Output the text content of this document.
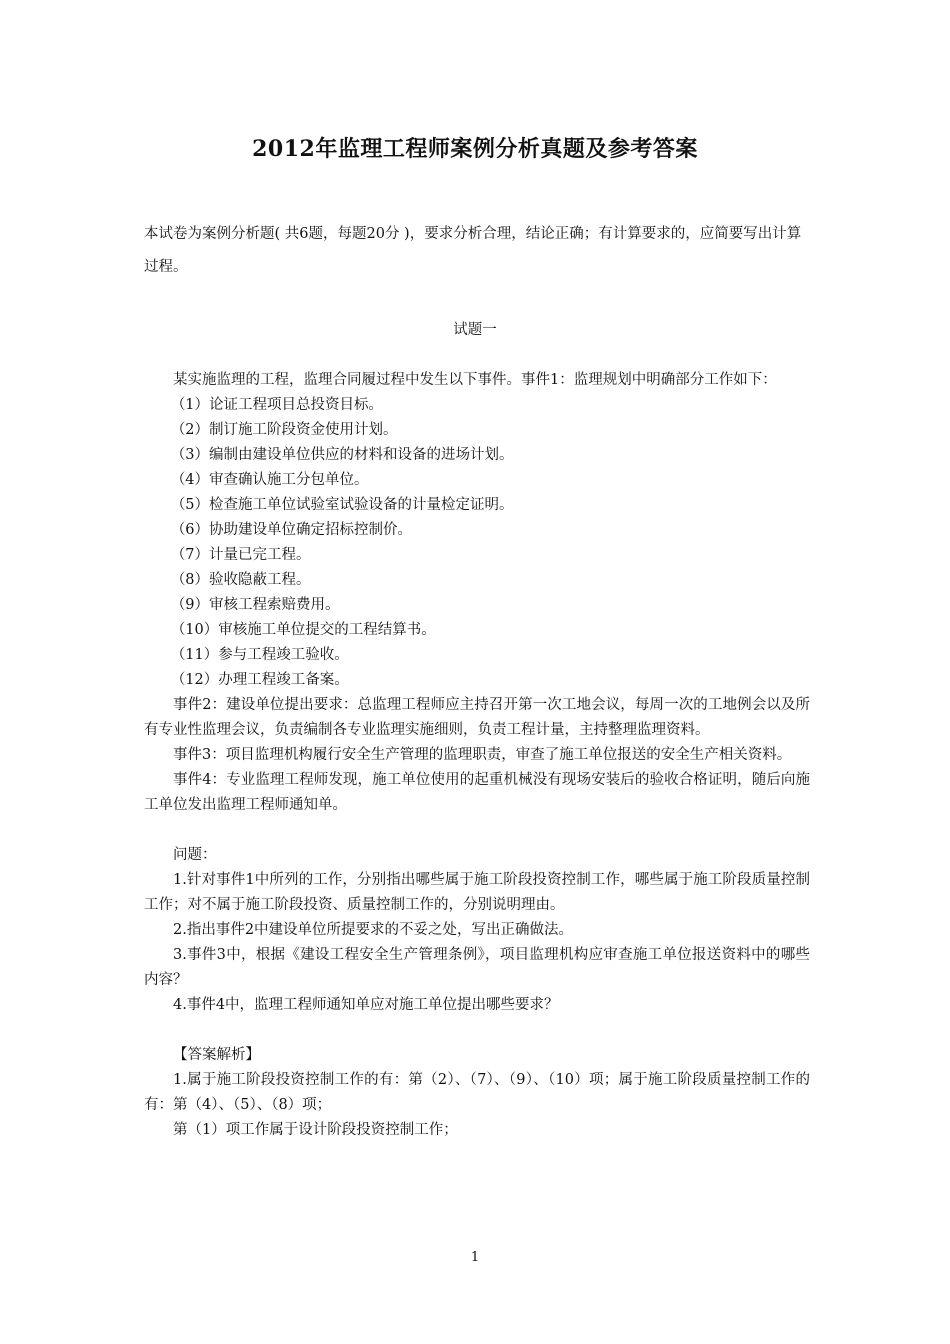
2012年监理工程师案例分析真题及参考答案
本试卷为案例分析题( 共6题，每题20分 )，要求分析合理，结论正确；有计算要求的，应简要写出计算过程。
试题一

某实施监理的工程，监理合同履过程中发生以下事件。事件1：监理规划中明确部分工作如下：

（1）论证工程项目总投资目标。

（2）制订施工阶段资金使用计划。

（3）编制由建设单位供应的材料和设备的进场计划。

（4）审查确认施工分包单位。

（5）检查施工单位试验室试验设备的计量检定证明。

（6）协助建设单位确定招标控制价。

（7）计量已完工程。

（8）验收隐蔽工程。

（9）审核工程索赔费用。

（10）审核施工单位提交的工程结算书。

（11）参与工程竣工验收。

（12）办理工程竣工备案。

事件2：建设单位提出要求：总监理工程师应主持召开第一次工地会议，每周一次的工地例会以及所有专业性监理会议，负责编制各专业监理实施细则，负责工程计量，主持整理监理资料。

事件3：项目监理机构履行安全生产管理的监理职责，审查了施工单位报送的安全生产相关资料。

事件4：专业监理工程师发现，施工单位使用的起重机械没有现场安装后的验收合格证明，随后向施工单位发出监理工程师通知单。

问题：

1.针对事件1中所列的工作，分别指出哪些属于施工阶段投资控制工作，哪些属于施工阶段质量控制工作；对不属于施工阶段投资、质量控制工作的，分别说明理由。

2.指出事件2中建设单位所提要求的不妥之处，写出正确做法。

3.事件3中，根据《建设工程安全生产管理条例》，项目监理机构应审查施工单位报送资料中的哪些内容？

4.事件4中，监理工程师通知单应对施工单位提出哪些要求？

【答案解析】

1.属于施工阶段投资控制工作的有：第（2）、（7）、（9）、（10）项；属于施工阶段质量控制工作的有：第（4）、（5）、（8）项；

第（1）项工作属于设计阶段投资控制工作；

1
